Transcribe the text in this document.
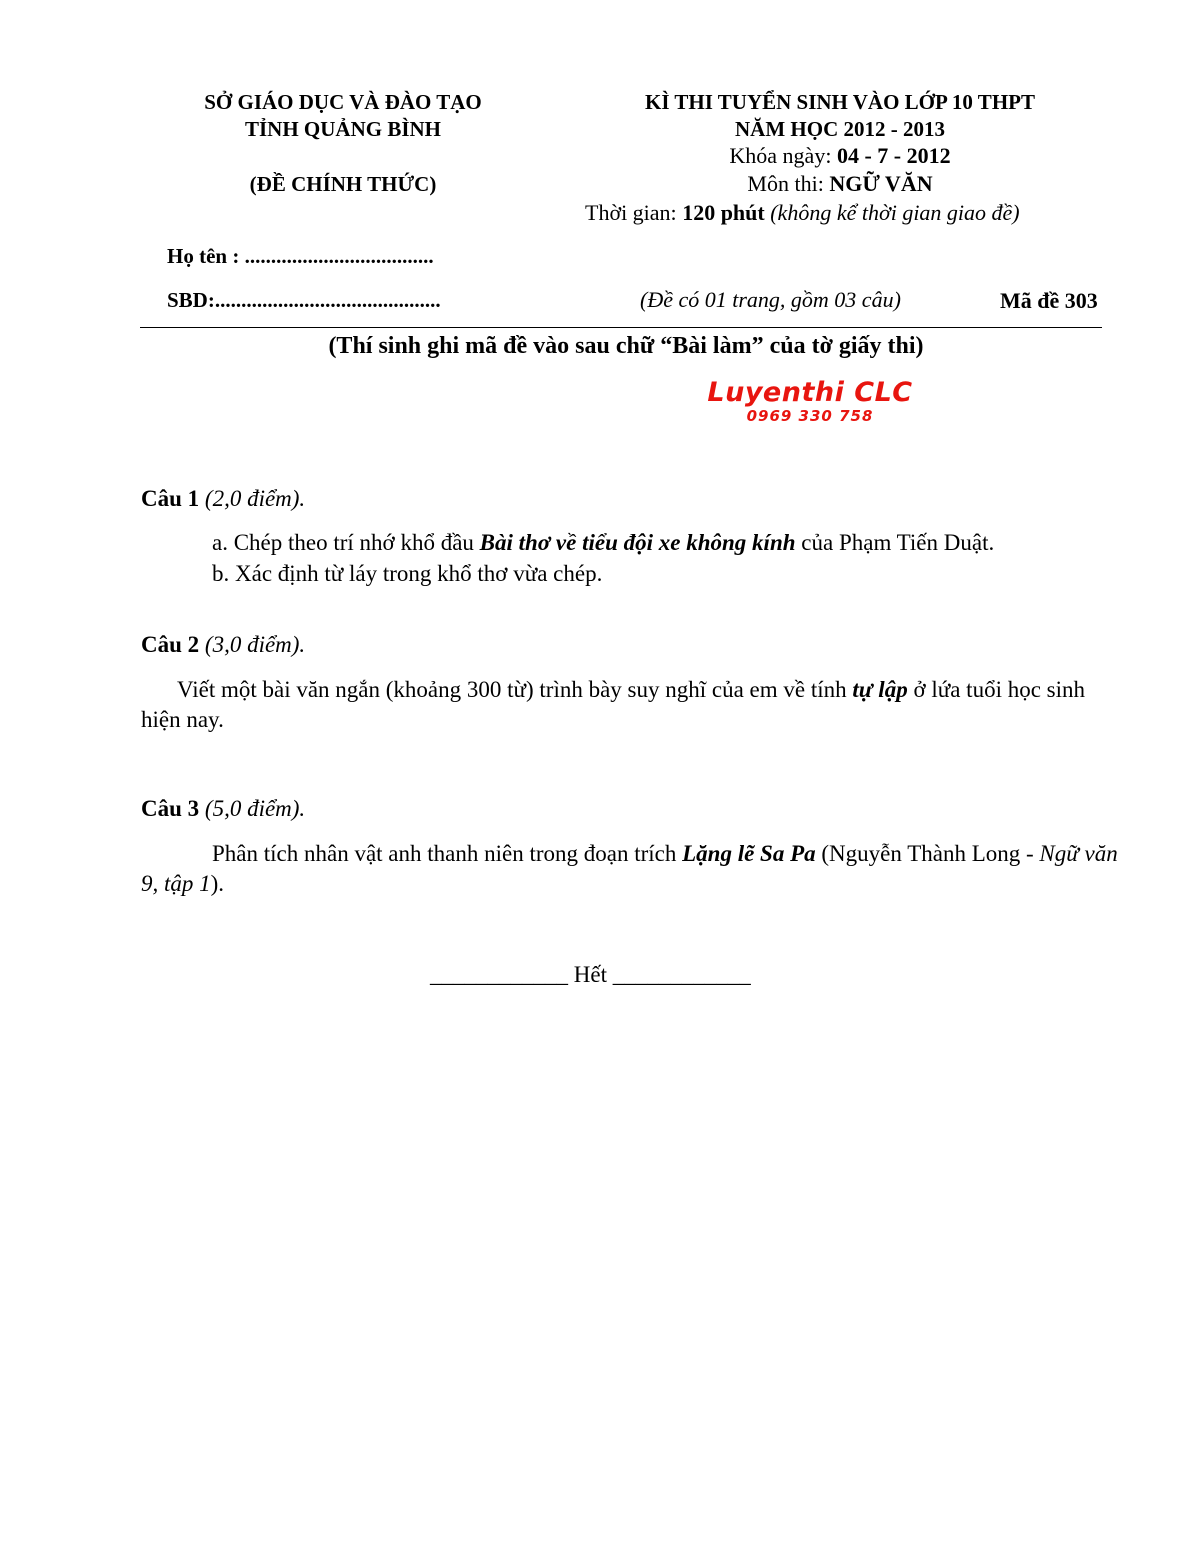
SỞ GIÁO DỤC VÀ ĐÀO TẠO
TỈNH QUẢNG BÌNH
(ĐỀ CHÍNH THỨC)
KÌ THI TUYỂN SINH VÀO LỚP 10 THPT
NĂM HỌC 2012 - 2013
Khóa ngày: 04 - 7 - 2012
Môn thi: NGỮ VĂN
Thời gian: 120 phút (không kể thời gian giao đề)
Họ tên : ....................................
SBD:...........................................	(Đề có 01 trang, gồm 03 câu)	Mã đề 303
(Thí sinh ghi mã đề vào sau chữ “Bài làm” của tờ giấy thi)
Luyenthi CLC
0969 330 758
Câu 1 (2,0 điểm).
a. Chép theo trí nhớ khổ đầu Bài thơ về tiểu đội xe không kính của Phạm Tiến Duật.
b. Xác định từ láy trong khổ thơ vừa chép.
Câu 2 (3,0 điểm).
Viết một bài văn ngắn (khoảng 300 từ) trình bày suy nghĩ của em về tính tự lập ở lứa tuổi học sinh hiện nay.
Câu 3 (5,0 điểm).
Phân tích nhân vật anh thanh niên trong đoạn trích Lặng lẽ Sa Pa (Nguyễn Thành Long - Ngữ văn 9, tập 1).
____________ Hết ____________
